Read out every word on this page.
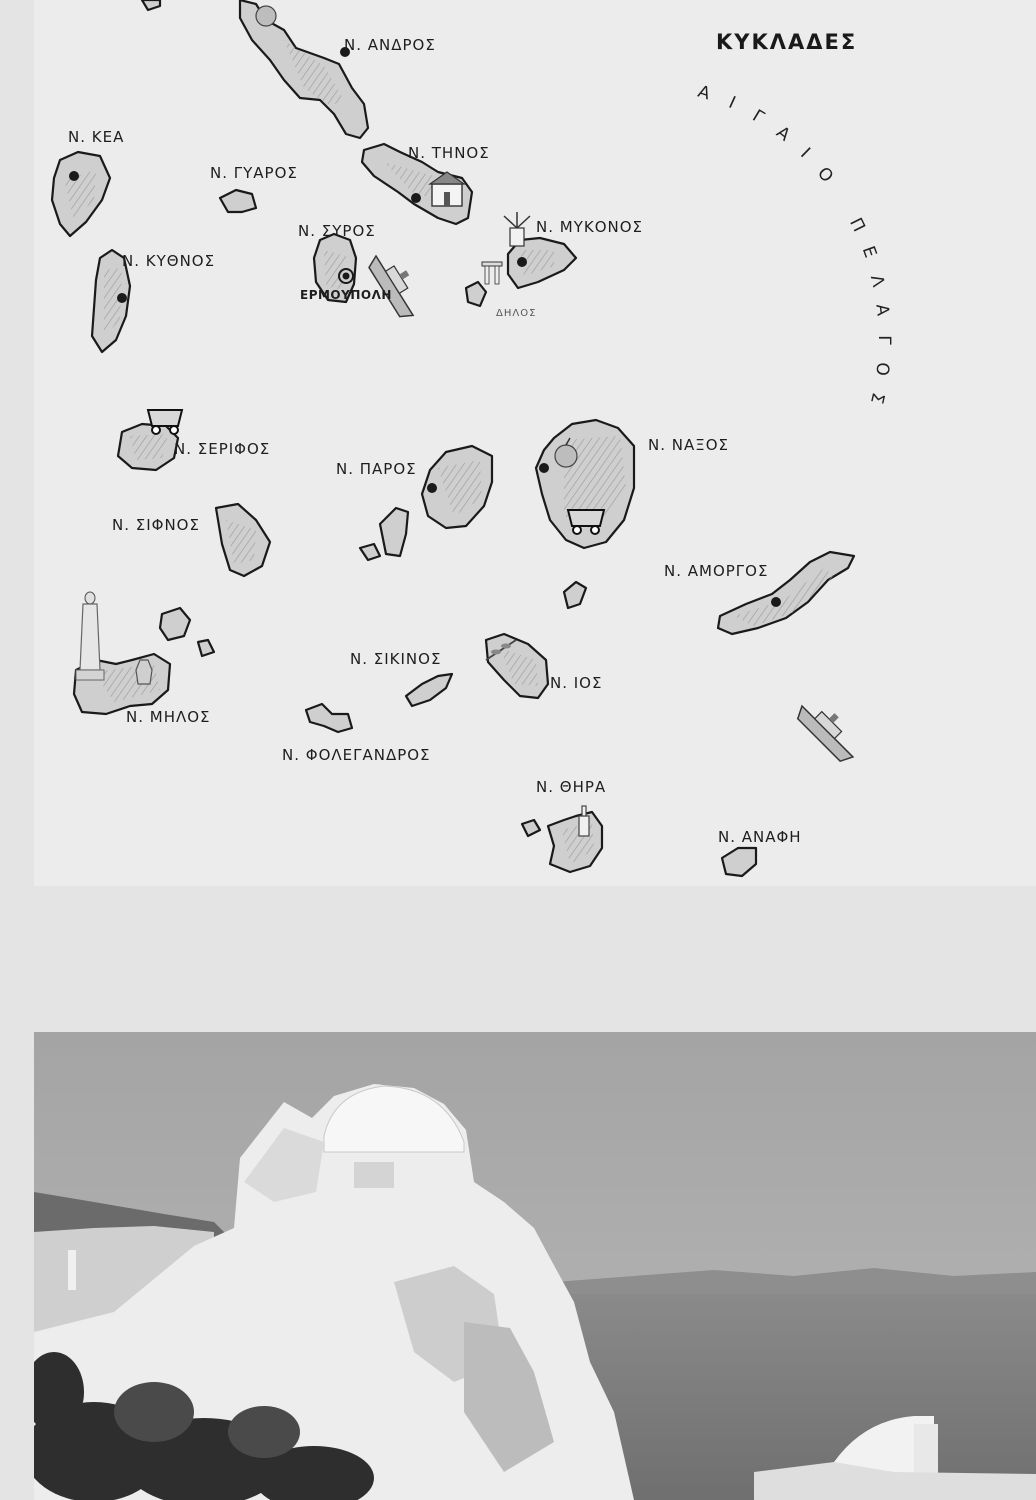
ΚΥΚΛΑΔΕΣ
Ν. ΑΝΔΡΟΣ
Ν. ΚΕΑ
Ν. ΓΥΑΡΟΣ
Ν. ΤΗΝΟΣ
Ν. ΣΥΡΟΣ	Ν. ΜΥΚΟΝΟΣ
Ν. ΚΥΘΝΟΣ
ΕΡΜΟΥΠΟΛΗ
ΔΗΛΟΣ
Ν. ΣΕΡΙΦΟΣ
Ν. ΠΑΡΟΣ
Ν. ΝΑΞΟΣ
Ν. ΣΙΦΝΟΣ
Ν. ΑΜΟΡΓΟΣ
Ν. ΣΙΚΙΝΟΣ
Ν. ΙΟΣ
Ν. ΜΗΛΟΣ
Ν. ΦΟΛΕΓΑΝΔΡΟΣ
Ν. ΘΗΡΑ
Ν. ΑΝΑΦΗ
Α Ι
Γ
Α
Ι
Ο
Π
Ε
Λ
Α
Γ
Ο
Σ
